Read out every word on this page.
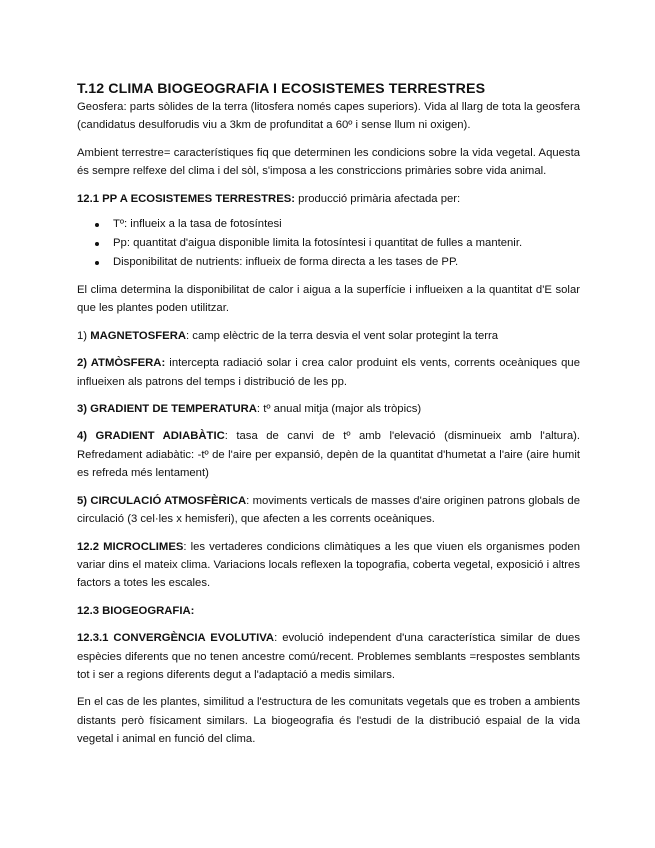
T.12 CLIMA BIOGEOGRAFIA I ECOSISTEMES TERRESTRES

Geosfera: parts sòlides de la terra (litosfera només capes superiors). Vida al llarg de tota la geosfera (candidatus desulforudis viu a 3km de profunditat a 60º i sense llum ni oxigen).

Ambient terrestre= característiques fiq que determinen les condicions sobre la vida vegetal. Aquesta és sempre relfexe del clima i del sòl, s'imposa a les constriccions primàries sobre vida animal.

12.1 PP A ECOSISTEMES TERRESTRES: producció primària afectada per:

Tº: influeix a la tasa de fotosíntesi
Pp: quantitat d'aigua disponible limita la fotosíntesi i quantitat de fulles a mantenir.
Disponibilitat de nutrients: influeix de forma directa a les tases de PP.

El clima determina la disponibilitat de calor i aigua a la superfície i influeixen a la quantitat d'E solar que les plantes poden utilitzar.

1) MAGNETOSFERA: camp elèctric de la terra desvia el vent solar protegint la terra

2) ATMÒSFERA: intercepta radiació solar i crea calor produint els vents, corrents oceàniques que influeixen als patrons del temps i distribució de les pp.

3) GRADIENT DE TEMPERATURA: tº anual mitja (major als tròpics)

4) GRADIENT ADIABÀTIC: tasa de canvi de tº amb l'elevació (disminueix amb l'altura). Refredament adiabàtic: -tº de l'aire per expansió, depèn de la quantitat d'humetat a l'aire (aire humit es refreda més lentament)

5) CIRCULACIÓ ATMOSFÈRICA: moviments verticals de masses d'aire originen patrons globals de circulació (3 cel·les x hemisferi), que afecten a les corrents oceàniques.

12.2 MICROCLIMES: les vertaderes condicions climàtiques a les que viuen els organismes poden variar dins el mateix clima. Variacions locals reflexen la topografia, coberta vegetal, exposició i altres factors a totes les escales.

12.3 BIOGEOGRAFIA:

12.3.1 CONVERGÈNCIA EVOLUTIVA: evolució independent d'una característica similar de dues espècies diferents que no tenen ancestre comú/recent. Problemes semblants =respostes semblants tot i ser a regions diferents degut a l'adaptació a medis similars.

En el cas de les plantes, similitud a l'estructura de les comunitats vegetals que es troben a ambients distants però físicament similars. La biogeografia és l'estudi de la distribució espaial de la vida vegetal i animal en funció del clima.
